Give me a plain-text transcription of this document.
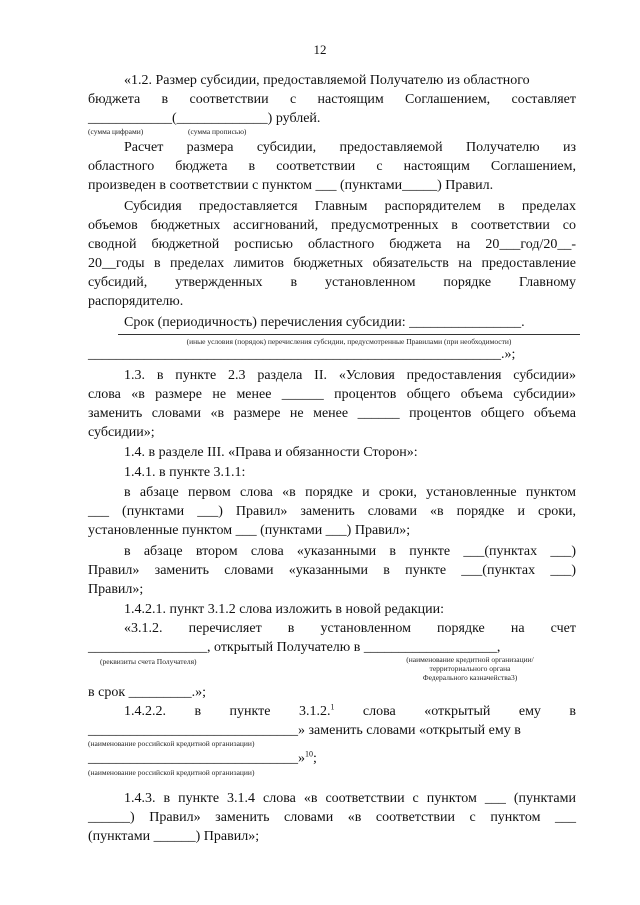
12
«1.2. Размер субсидии, предоставляемой Получателю из областного
бюджета в соответствии с настоящим Соглашением, составляет
____________(_____________) рублей.
(сумма цифрами)	(сумма прописью)
Расчет размера субсидии, предоставляемой Получателю из
областного бюджета в соответствии с настоящим Соглашением,
произведен в соответствии с пунктом ___ (пунктами_____) Правил.
Субсидия предоставляется Главным распорядителем в пределах
объемов бюджетных ассигнований, предусмотренных в соответствии со
сводной бюджетной росписью областного бюджета на 20___год/20__-
20__годы в пределах лимитов бюджетных обязательств на предоставление
субсидий, утвержденных в установленном порядке Главному
распорядителю.
Срок (периодичность) перечисления субсидии: ________________.
(иные условия (порядок) перечисления субсидии, предусмотренные Правилами (при необходимости)
___________________________________________________________.»;
1.3. в пункте 2.3 раздела II. «Условия предоставления субсидии»
слова «в размере не менее ______ процентов общего объема субсидии»
заменить словами «в размере не менее ______ процентов общего объема
субсидии»;
1.4. в разделе III. «Права и обязанности Сторон»:
1.4.1. в пункте 3.1.1:
в абзаце первом слова «в порядке и сроки, установленные пунктом
___ (пунктами ___) Правил» заменить словами «в порядке и сроки,
установленные пунктом ___ (пунктами ___) Правил»;
в абзаце втором слова «указанными в пункте ___(пунктах ___)
Правил» заменить словами «указанными в пункте ___(пунктах ___)
Правил»;
1.4.2.1. пункт 3.1.2 слова изложить в новой редакции:
«3.1.2. перечисляет в установленном порядке на счет
_________________, открытый Получателю в ___________________,
(реквизиты счета Получателя)	(наименование кредитной организации/
территориального органа
Федерального казначейства3)
в срок _________.»;
1.4.2.2. в пункте 3.1.2.$^1$ слова «открытый ему в
______________________________» заменить словами «открытый ему в
(наименование российской кредитной организации)
______________________________»$^{10}$;
(наименование российской кредитной организации)
1.4.3. в пункте 3.1.4 слова «в соответствии с пунктом ___ (пунктами
______) Правил» заменить словами «в соответствии с пунктом ___
(пунктами ______) Правил»;
